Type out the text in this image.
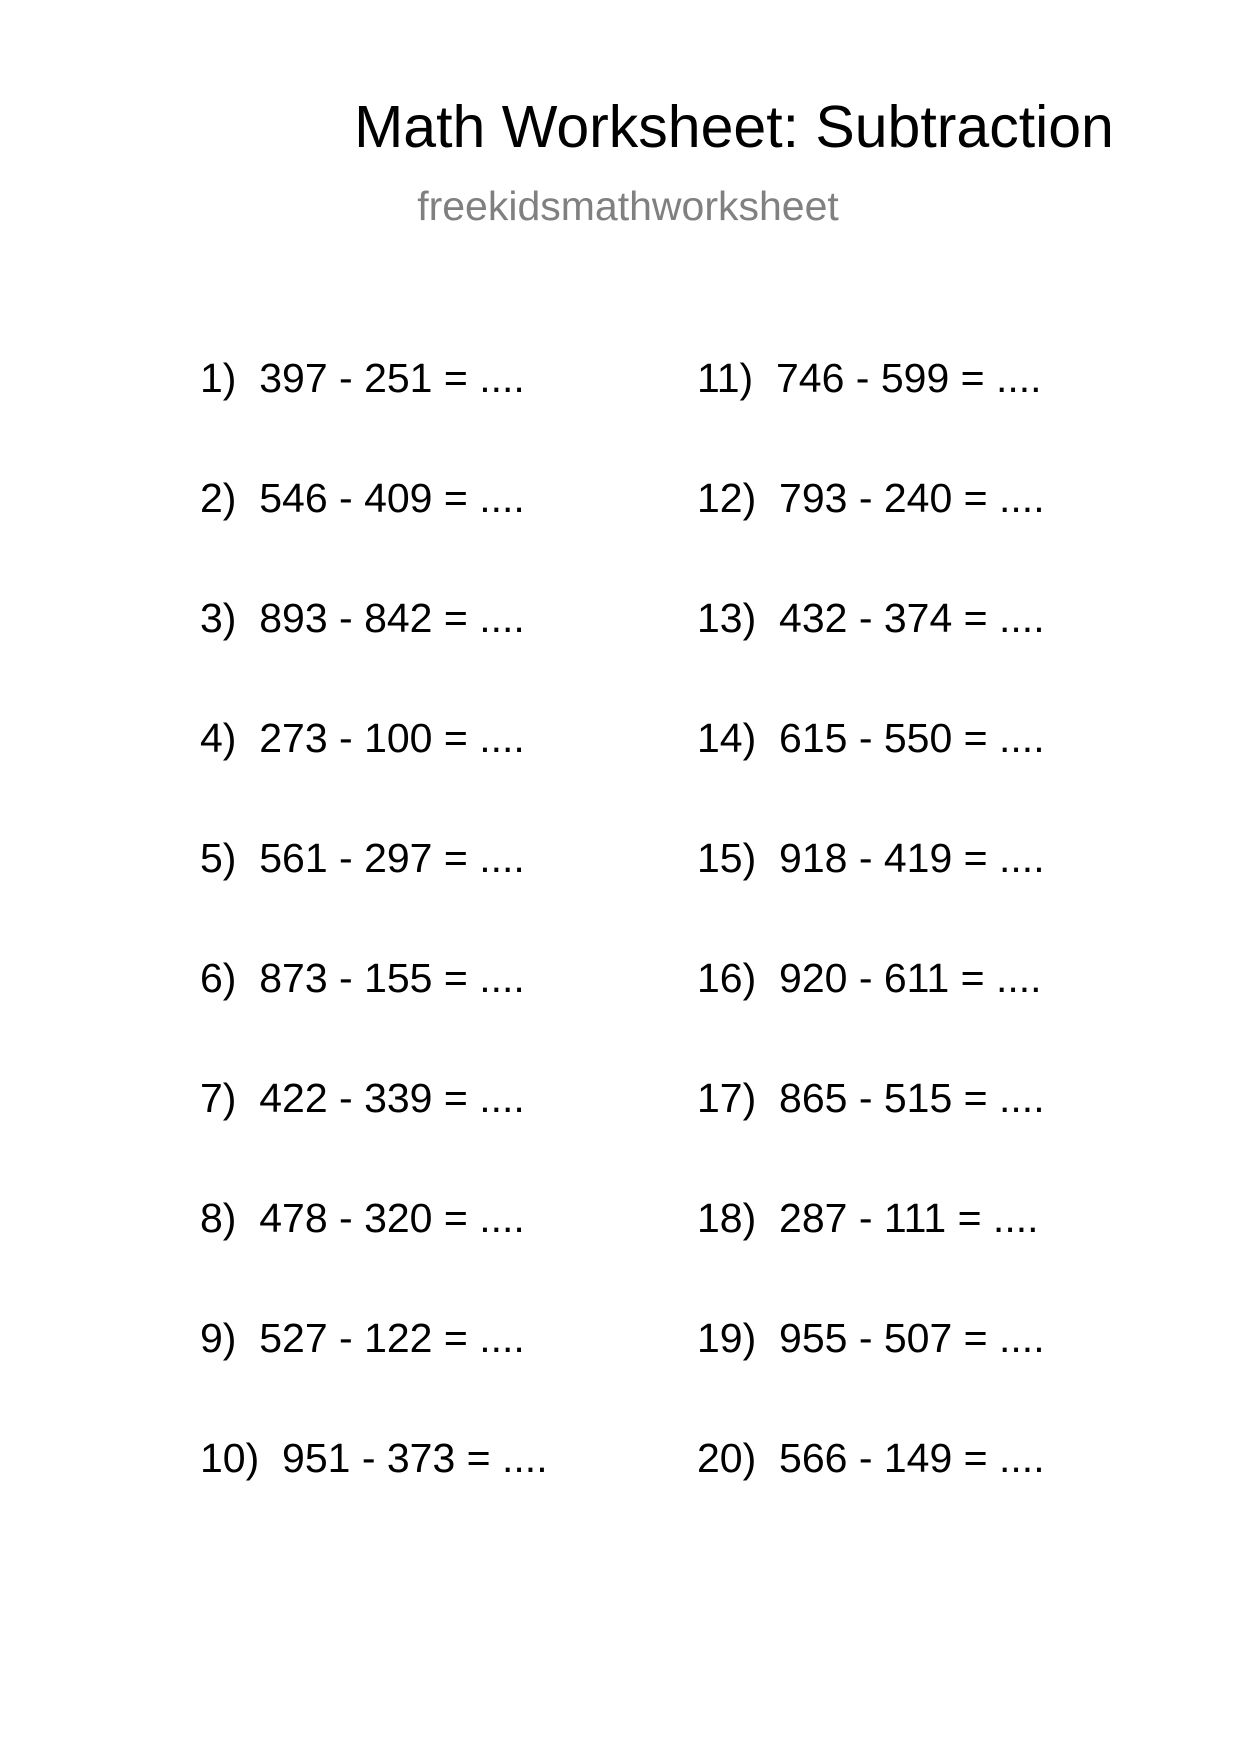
Math Worksheet: Subtraction
freekidsmathworksheet
1)  397 - 251 = ....
2)  546 - 409 = ....
3)  893 - 842 = ....
4)  273 - 100 = ....
5)  561 - 297 = ....
6)  873 - 155 = ....
7)  422 - 339 = ....
8)  478 - 320 = ....
9)  527 - 122 = ....
10)  951 - 373 = ....
11)  746 - 599 = ....
12)  793 - 240 = ....
13)  432 - 374 = ....
14)  615 - 550 = ....
15)  918 - 419 = ....
16)  920 - 611 = ....
17)  865 - 515 = ....
18)  287 - 111 = ....
19)  955 - 507 = ....
20)  566 - 149 = ....
